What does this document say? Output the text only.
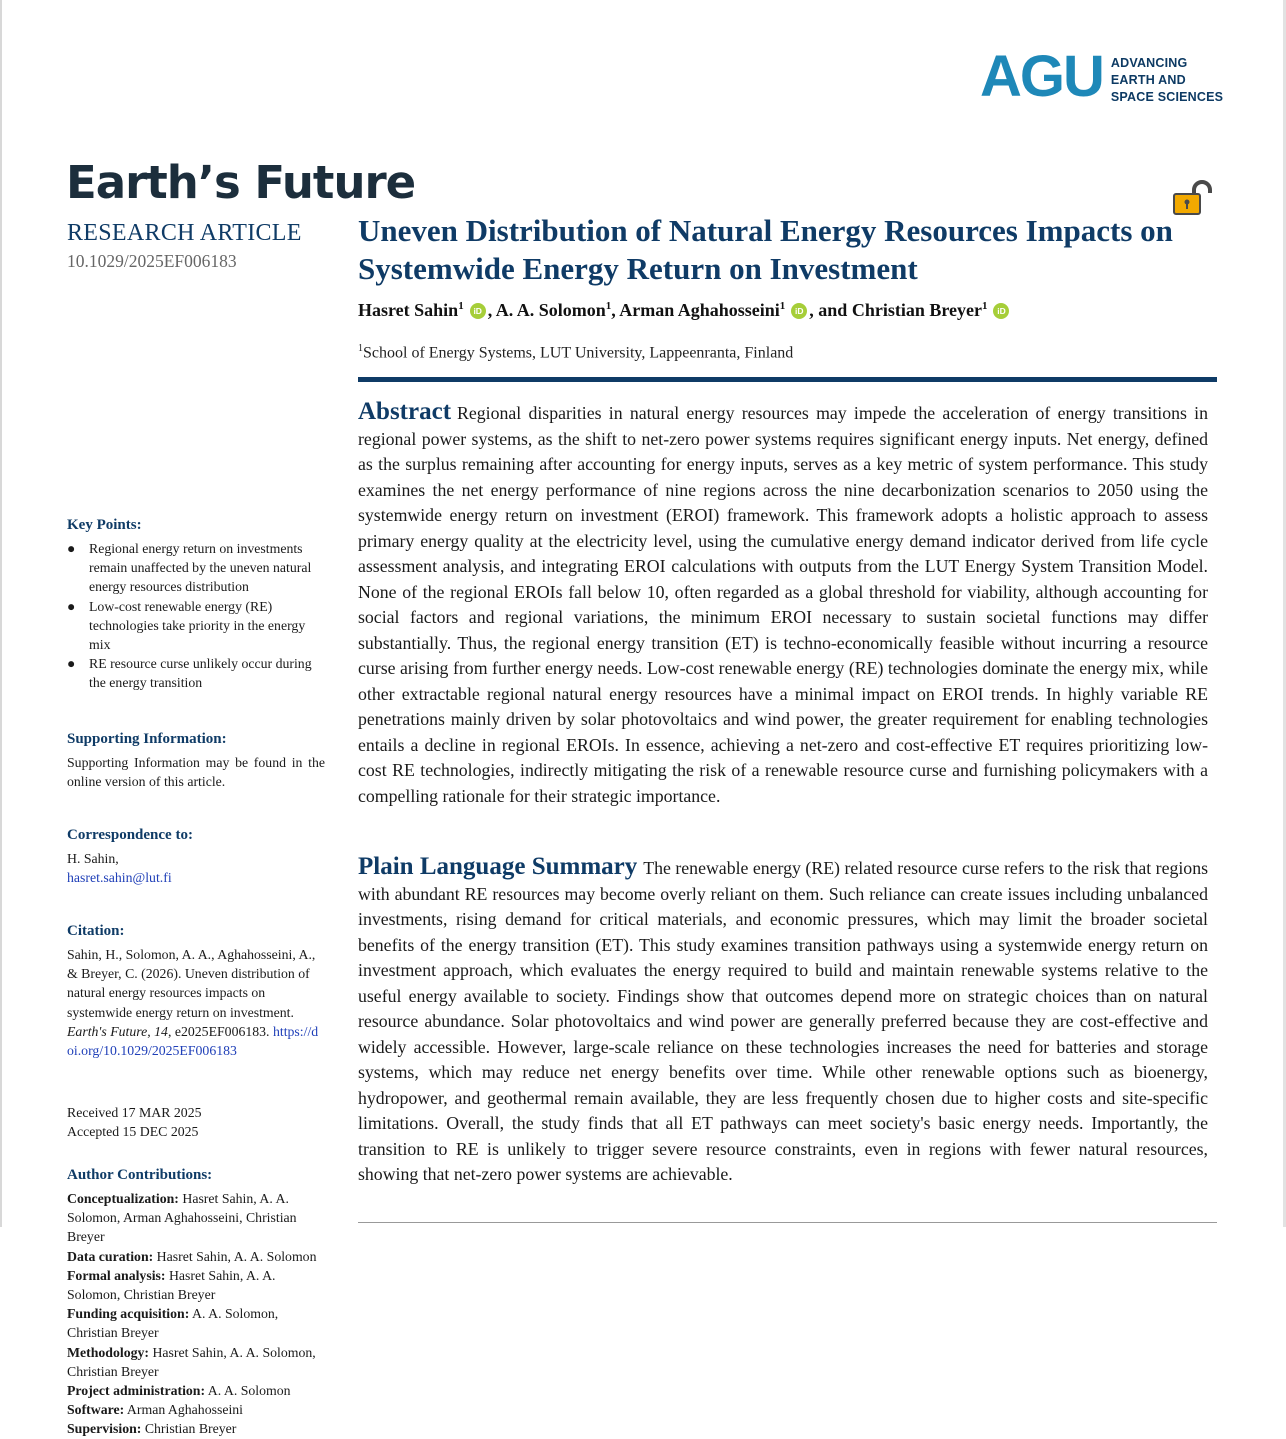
AGU ADVANCING
EARTH AND
SPACE SCIENCES
Earth’s Future
RESEARCH ARTICLE
10.1029/2025EF006183
Key Points:
● Regional energy return on investments remain unaffected by the uneven natural energy resources distribution
● Low-cost renewable energy (RE) technologies take priority in the energy mix
● RE resource curse unlikely occur during the energy transition
Supporting Information:

Supporting Information may be found in the online version of this article.

Correspondence to:

H. Sahin,

hasret.sahin@lut.fi

Citation:

Sahin, H., Solomon, A. A., Aghahosseini, A., & Breyer, C. (2026). Uneven distribution of natural energy resources impacts on systemwide energy return on investment. Earth's Future, 14, e2025EF006183. https://doi.org/10.1029/2025EF006183

Received 17 MAR 2025

Accepted 15 DEC 2025

Author Contributions:

Conceptualization: Hasret Sahin, A. A. Solomon, Arman Aghahosseini, Christian Breyer

Data curation: Hasret Sahin, A. A. Solomon

Formal analysis: Hasret Sahin, A. A. Solomon, Christian Breyer

Funding acquisition: A. A. Solomon, Christian Breyer

Methodology: Hasret Sahin, A. A. Solomon, Christian Breyer

Project administration: A. A. Solomon

Software: Arman Aghahosseini

Supervision: Christian Breyer

Uneven Distribution of Natural Energy Resources Impacts on Systemwide Energy Return on Investment
Hasret Sahin$^1$ iD , A. A. Solomon$^1$, Arman Aghahosseini$^1$ iD , and Christian Breyer$^1$ iD
$^1$School of Energy Systems, LUT University, Lappeenranta, Finland

Abstract Regional disparities in natural energy resources may impede the acceleration of energy transitions in regional power systems, as the shift to net-zero power systems requires significant energy inputs. Net energy, defined as the surplus remaining after accounting for energy inputs, serves as a key metric of system performance. This study examines the net energy performance of nine regions across the nine decarbonization scenarios to 2050 using the systemwide energy return on investment (EROI) framework. This framework adopts a holistic approach to assess primary energy quality at the electricity level, using the cumulative energy demand indicator derived from life cycle assessment analysis, and integrating EROI calculations with outputs from the LUT Energy System Transition Model. None of the regional EROIs fall below 10, often regarded as a global threshold for viability, although accounting for social factors and regional variations, the minimum EROI necessary to sustain societal functions may differ substantially. Thus, the regional energy transition (ET) is techno-economically feasible without incurring a resource curse arising from further energy needs. Low-cost renewable energy (RE) technologies dominate the energy mix, while other extractable regional natural energy resources have a minimal impact on EROI trends. In highly variable RE penetrations mainly driven by solar photovoltaics and wind power, the greater requirement for enabling technologies entails a decline in regional EROIs. In essence, achieving a net-zero and cost-effective ET requires prioritizing low-cost RE technologies, indirectly mitigating the risk of a renewable resource curse and furnishing policymakers with a compelling rationale for their strategic importance.

Plain Language Summary The renewable energy (RE) related resource curse refers to the risk that regions with abundant RE resources may become overly reliant on them. Such reliance can create issues including unbalanced investments, rising demand for critical materials, and economic pressures, which may limit the broader societal benefits of the energy transition (ET). This study examines transition pathways using a systemwide energy return on investment approach, which evaluates the energy required to build and maintain renewable systems relative to the useful energy available to society. Findings show that outcomes depend more on strategic choices than on natural resource abundance. Solar photovoltaics and wind power are generally preferred because they are cost-effective and widely accessible. However, large-scale reliance on these technologies increases the need for batteries and storage systems, which may reduce net energy benefits over time. While other renewable options such as bioenergy, hydropower, and geothermal remain available, they are less frequently chosen due to higher costs and site-specific limitations. Overall, the study finds that all ET pathways can meet society's basic energy needs. Importantly, the transition to RE is unlikely to trigger severe resource constraints, even in regions with fewer natural resources, showing that net-zero power systems are achievable.
